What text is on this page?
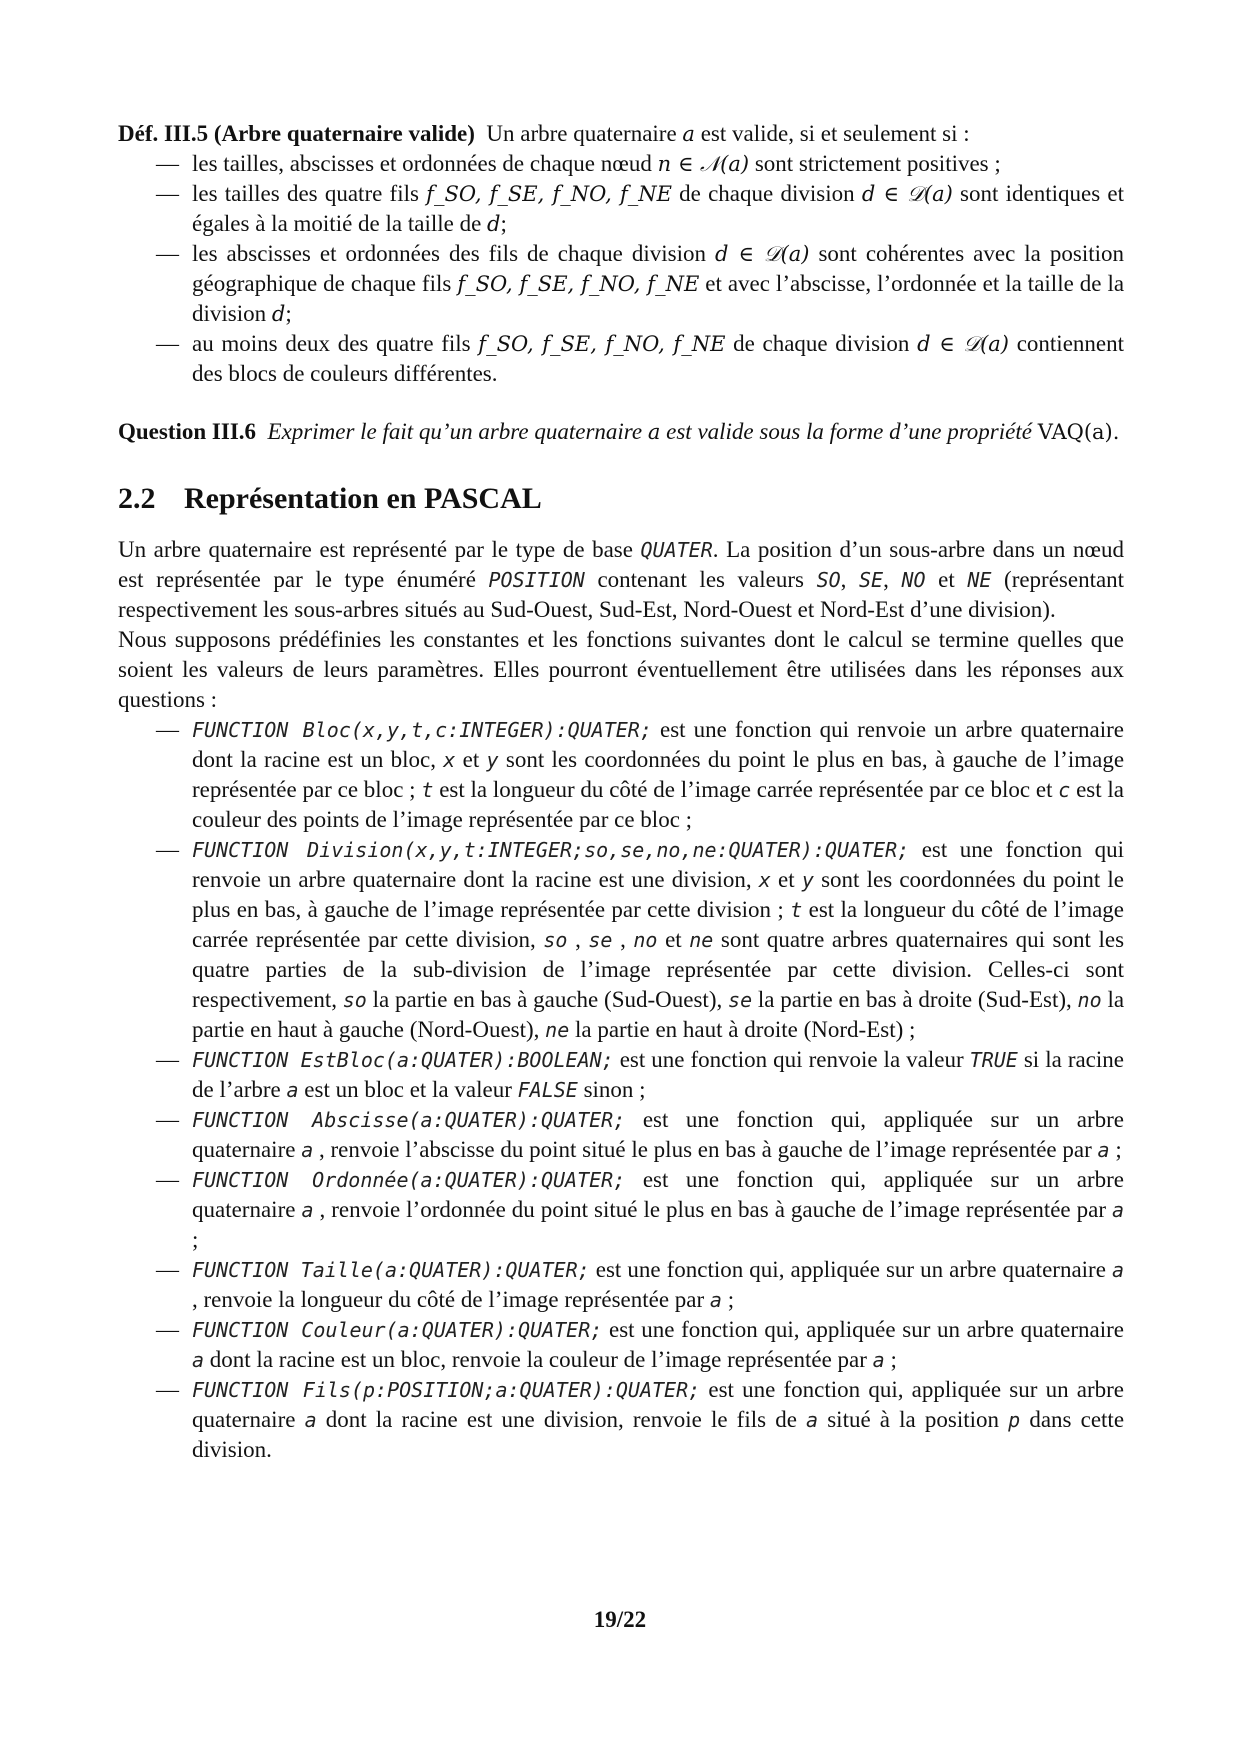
Déf. III.5 (Arbre quaternaire valide) Un arbre quaternaire a est valide, si et seulement si :

— les tailles, abscisses et ordonnées de chaque nœud n ∈ 𝒩(a) sont strictement positives ;
— les tailles des quatre fils f_SO, f_SE, f_NO, f_NE de chaque division d ∈ 𝒟(a) sont identiques et égales à la moitié de la taille de d;
— les abscisses et ordonnées des fils de chaque division d ∈ 𝒟(a) sont cohérentes avec la position géographique de chaque fils f_SO, f_SE, f_NO, f_NE et avec l’abscisse, l’ordonnée et la taille de la division d;
— au moins deux des quatre fils f_SO, f_SE, f_NO, f_NE de chaque division d ∈ 𝒟(a) contiennent des blocs de couleurs différentes.

Question III.6 Exprimer le fait qu’un arbre quaternaire a est valide sous la forme d’une propriété VAQ(a).

2.2 Représentation en PASCAL

Un arbre quaternaire est représenté par le type de base QUATER. La position d’un sous-arbre dans un nœud est représentée par le type énuméré POSITION contenant les valeurs SO, SE, NO et NE (représentant respectivement les sous-arbres situés au Sud-Ouest, Sud-Est, Nord-Ouest et Nord-Est d’une division).

Nous supposons prédéfinies les constantes et les fonctions suivantes dont le calcul se termine quelles que soient les valeurs de leurs paramètres. Elles pourront éventuellement être utilisées dans les réponses aux questions :

— FUNCTION Bloc(x,y,t,c:INTEGER):QUATER; est une fonction qui renvoie un arbre quaternaire dont la racine est un bloc, x et y sont les coordonnées du point le plus en bas, à gauche de l’image représentée par ce bloc ; t est la longueur du côté de l’image carrée représentée par ce bloc et c est la couleur des points de l’image représentée par ce bloc ;
— FUNCTION Division(x,y,t:INTEGER;so,se,no,ne:QUATER):QUATER; est une fonction qui renvoie un arbre quaternaire dont la racine est une division, x et y sont les coordonnées du point le plus en bas, à gauche de l’image représentée par cette division ; t est la longueur du côté de l’image carrée représentée par cette division, so , se , no et ne sont quatre arbres quaternaires qui sont les quatre parties de la sub-division de l’image représentée par cette division. Celles-ci sont respectivement, so la partie en bas à gauche (Sud-Ouest), se la partie en bas à droite (Sud-Est), no la partie en haut à gauche (Nord-Ouest), ne la partie en haut à droite (Nord-Est) ;
— FUNCTION EstBloc(a:QUATER):BOOLEAN; est une fonction qui renvoie la valeur TRUE si la racine de l’arbre a est un bloc et la valeur FALSE sinon ;
— FUNCTION Abscisse(a:QUATER):QUATER; est une fonction qui, appliquée sur un arbre quaternaire a , renvoie l’abscisse du point situé le plus en bas à gauche de l’image représentée par a ;
— FUNCTION Ordonnée(a:QUATER):QUATER; est une fonction qui, appliquée sur un arbre quaternaire a , renvoie l’ordonnée du point situé le plus en bas à gauche de l’image représentée par a ;
— FUNCTION Taille(a:QUATER):QUATER; est une fonction qui, appliquée sur un arbre quaternaire a , renvoie la longueur du côté de l’image représentée par a ;
— FUNCTION Couleur(a:QUATER):QUATER; est une fonction qui, appliquée sur un arbre quaternaire a dont la racine est un bloc, renvoie la couleur de l’image représentée par a ;
— FUNCTION Fils(p:POSITION;a:QUATER):QUATER; est une fonction qui, appliquée sur un arbre quaternaire a dont la racine est une division, renvoie le fils de a situé à la position p dans cette division.
19/22
